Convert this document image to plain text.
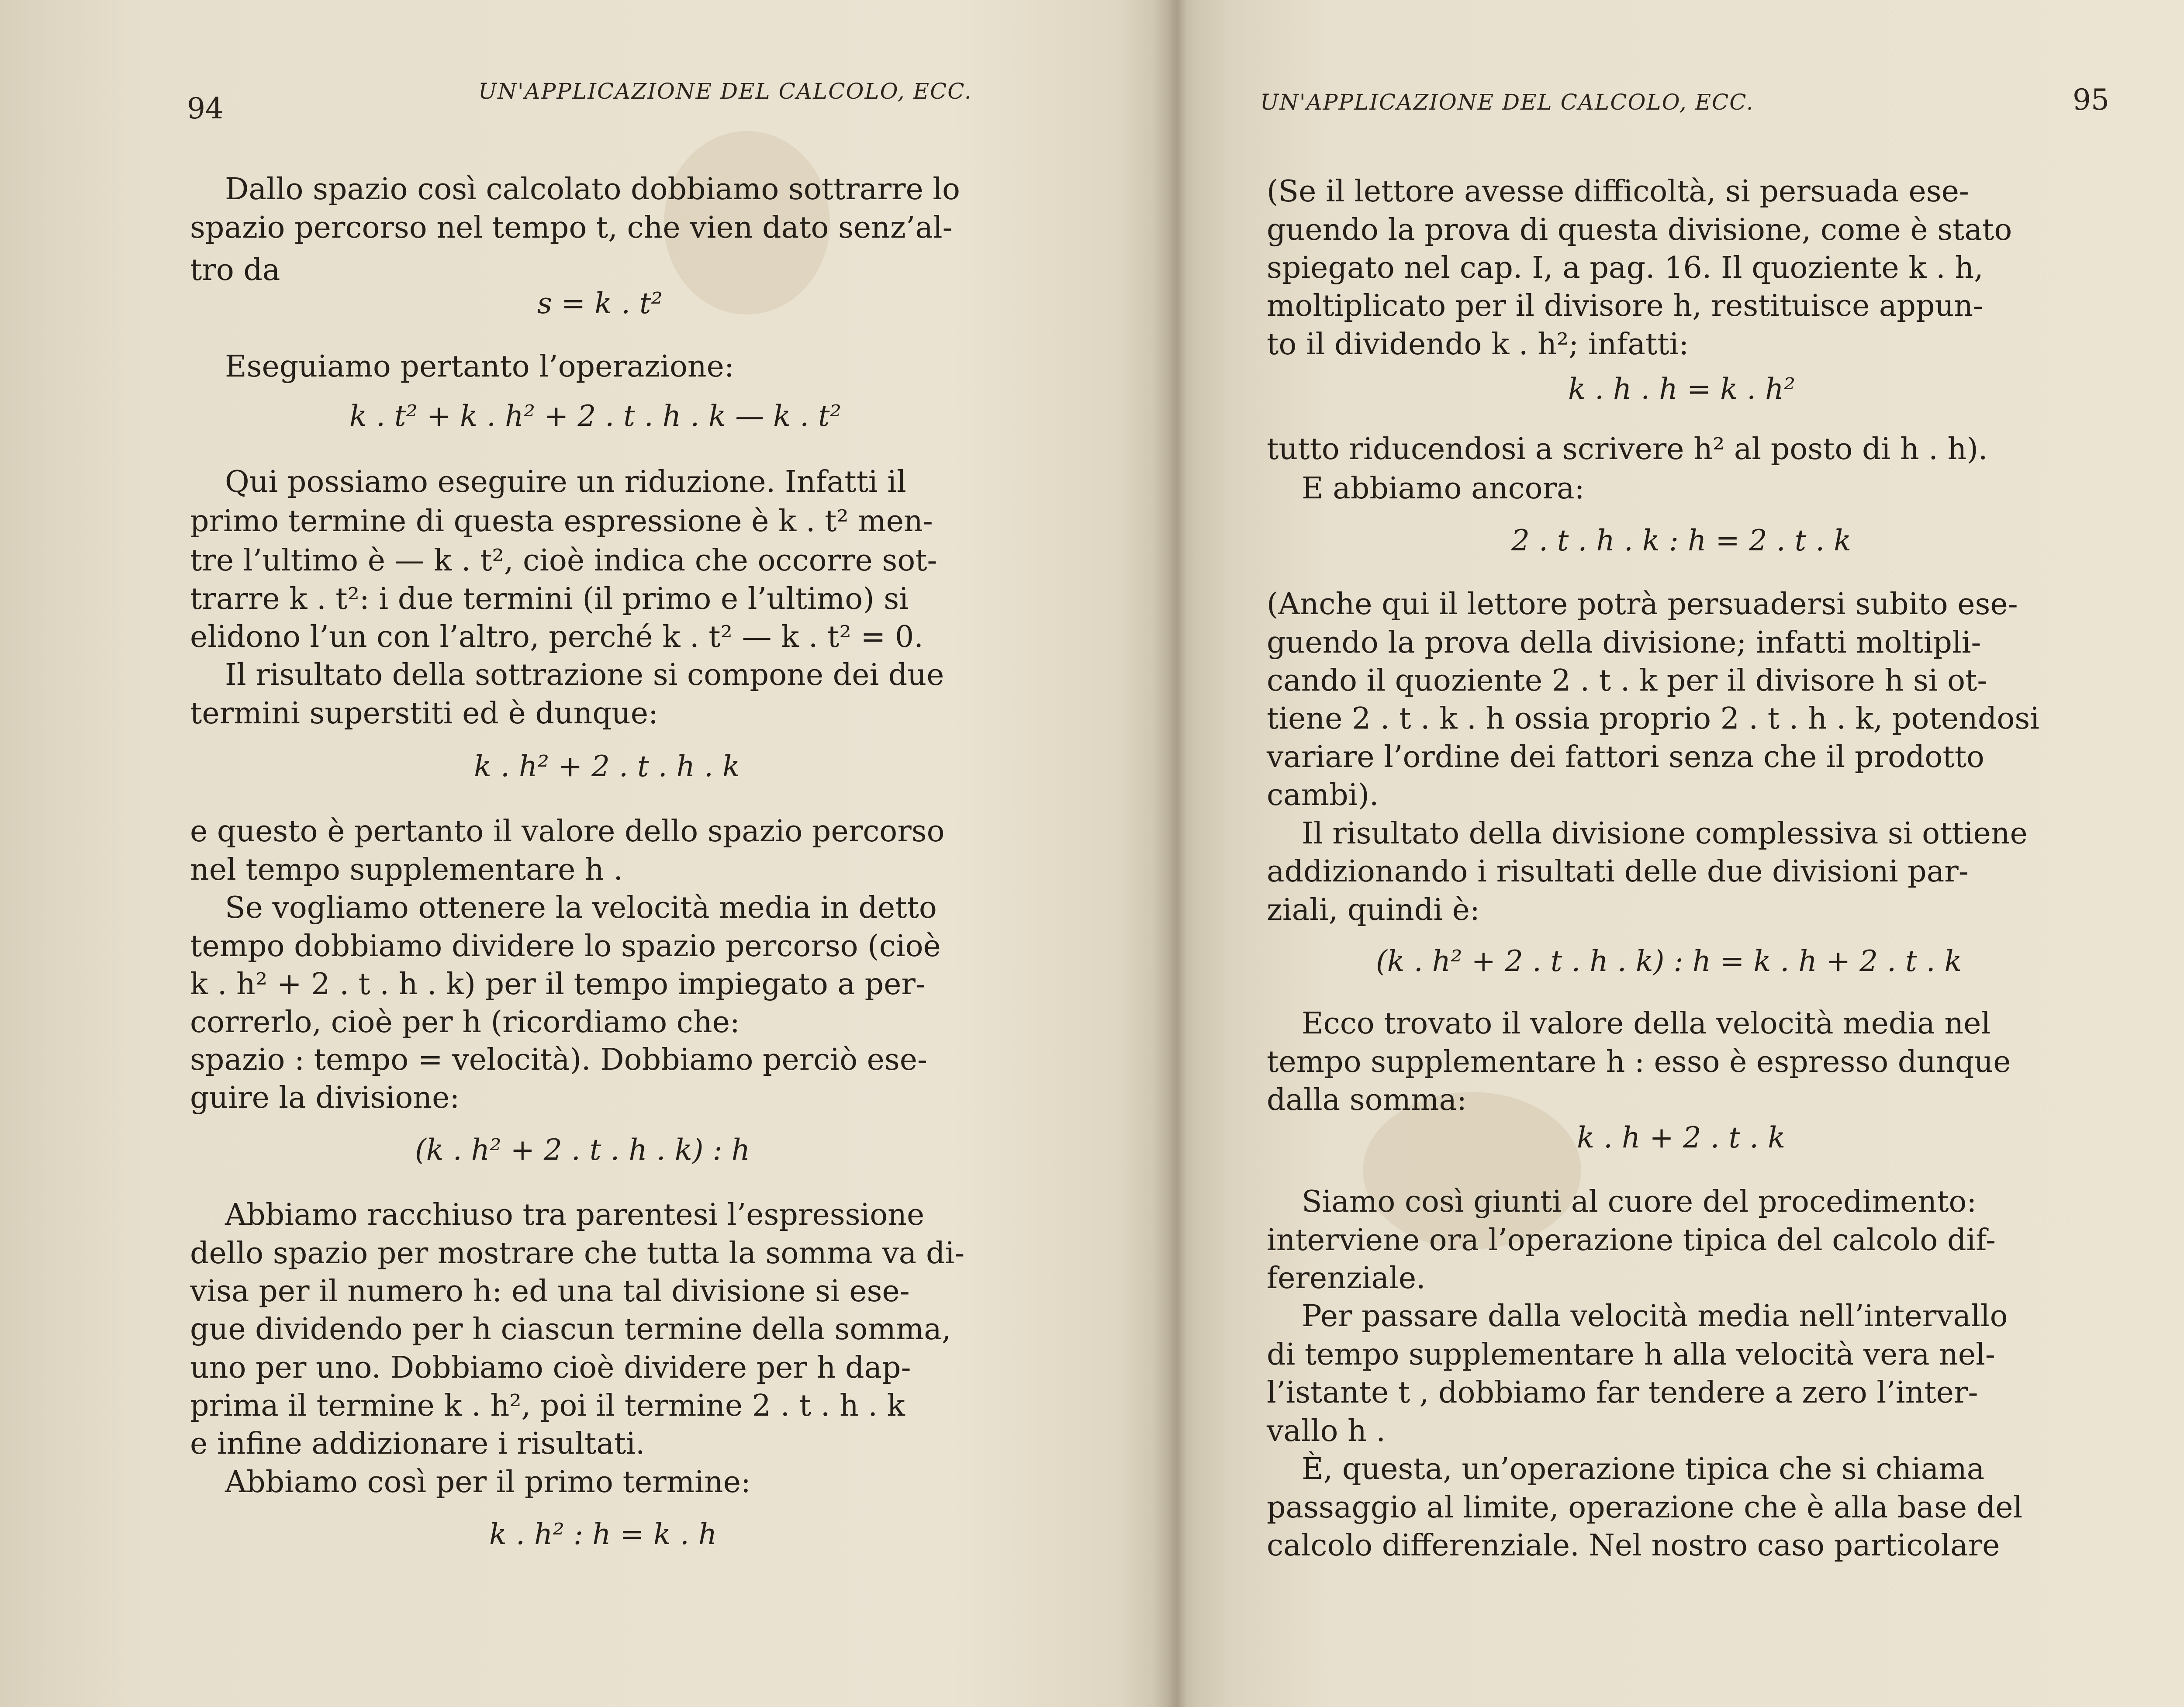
94
UN'APPLICAZIONE DEL CALCOLO, ECC.
Dallo spazio così calcolato dobbiamo sottrarre lo
spazio percorso nel tempo t, che vien dato senz’al-
tro da
s = k . t²
Eseguiamo pertanto l’operazione:
k . t² + k . h² + 2 . t . h . k — k . t²
Qui possiamo eseguire un riduzione. Infatti il
primo termine di questa espressione è k . t² men-
tre l’ultimo è — k . t², cioè indica che occorre sot-
trarre k . t²: i due termini (il primo e l’ultimo) si
elidono l’un con l’altro, perché k . t² — k . t² = 0.
Il risultato della sottrazione si compone dei due
termini superstiti ed è dunque:
k . h² + 2 . t . h . k
e questo è pertanto il valore dello spazio percorso
nel tempo supplementare h .
Se vogliamo ottenere la velocità media in detto
tempo dobbiamo dividere lo spazio percorso (cioè
k . h² + 2 . t . h . k) per il tempo impiegato a per-
correrlo, cioè per h (ricordiamo che:
spazio : tempo = velocità). Dobbiamo perciò ese-
guire la divisione:
(k . h² + 2 . t . h . k) : h
Abbiamo racchiuso tra parentesi l’espressione
dello spazio per mostrare che tutta la somma va di-
visa per il numero h: ed una tal divisione si ese-
gue dividendo per h ciascun termine della somma,
uno per uno. Dobbiamo cioè dividere per h dap-
prima il termine k . h², poi il termine 2 . t . h . k
e infine addizionare i risultati.
Abbiamo così per il primo termine:
k . h² : h = k . h
UN'APPLICAZIONE DEL CALCOLO, ECC.	95
(Se il lettore avesse difficoltà, si persuada ese-
guendo la prova di questa divisione, come è stato
spiegato nel cap. I, a pag. 16. Il quoziente k . h,
moltiplicato per il divisore h, restituisce appun-
to il dividendo k . h²; infatti:
k . h . h = k . h²
tutto riducendosi a scrivere h² al posto di h . h).
E abbiamo ancora:
2 . t . h . k : h = 2 . t . k
(Anche qui il lettore potrà persuadersi subito ese-
guendo la prova della divisione; infatti moltipli-
cando il quoziente 2 . t . k per il divisore h si ot-
tiene 2 . t . k . h ossia proprio 2 . t . h . k, potendosi
variare l’ordine dei fattori senza che il prodotto
cambi).
Il risultato della divisione complessiva si ottiene
addizionando i risultati delle due divisioni par-
ziali, quindi è:
(k . h² + 2 . t . h . k) : h = k . h + 2 . t . k
Ecco trovato il valore della velocità media nel
tempo supplementare h : esso è espresso dunque
dalla somma:
k . h + 2 . t . k
Siamo così giunti al cuore del procedimento:
interviene ora l’operazione tipica del calcolo dif-
ferenziale.
Per passare dalla velocità media nell’intervallo
di tempo supplementare h alla velocità vera nel-
l’istante t , dobbiamo far tendere a zero l’inter-
vallo h .
È, questa, un’operazione tipica che si chiama
passaggio al limite, operazione che è alla base del
calcolo differenziale. Nel nostro caso particolare
